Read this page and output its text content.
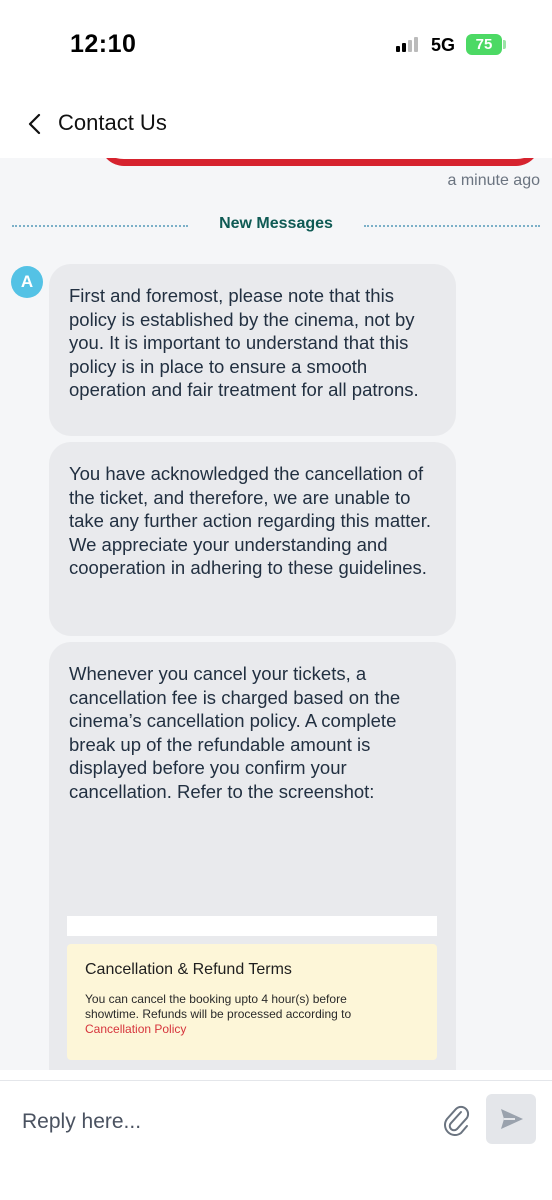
12:10	5G	75
Contact Us
a minute ago
New Messages
A

First and foremost, please note that this policy is established by the cinema, not by you. It is important to understand that this policy is in place to ensure a smooth operation and fair treatment for all patrons.

You have acknowledged the cancellation of the ticket, and therefore, we are unable to take any further action regarding this matter. We appreciate your understanding and cooperation in adhering to these guidelines.

Whenever you cancel your tickets, a cancellation fee is charged based on the cinema’s cancellation policy. A complete break up of the refundable amount is displayed before you confirm your cancellation. Refer to the screenshot:

Cancellation & Refund Terms
You can cancel the booking upto 4 hour(s) before showtime. Refunds will be processed according to
Cancellation Policy
Reply here...
